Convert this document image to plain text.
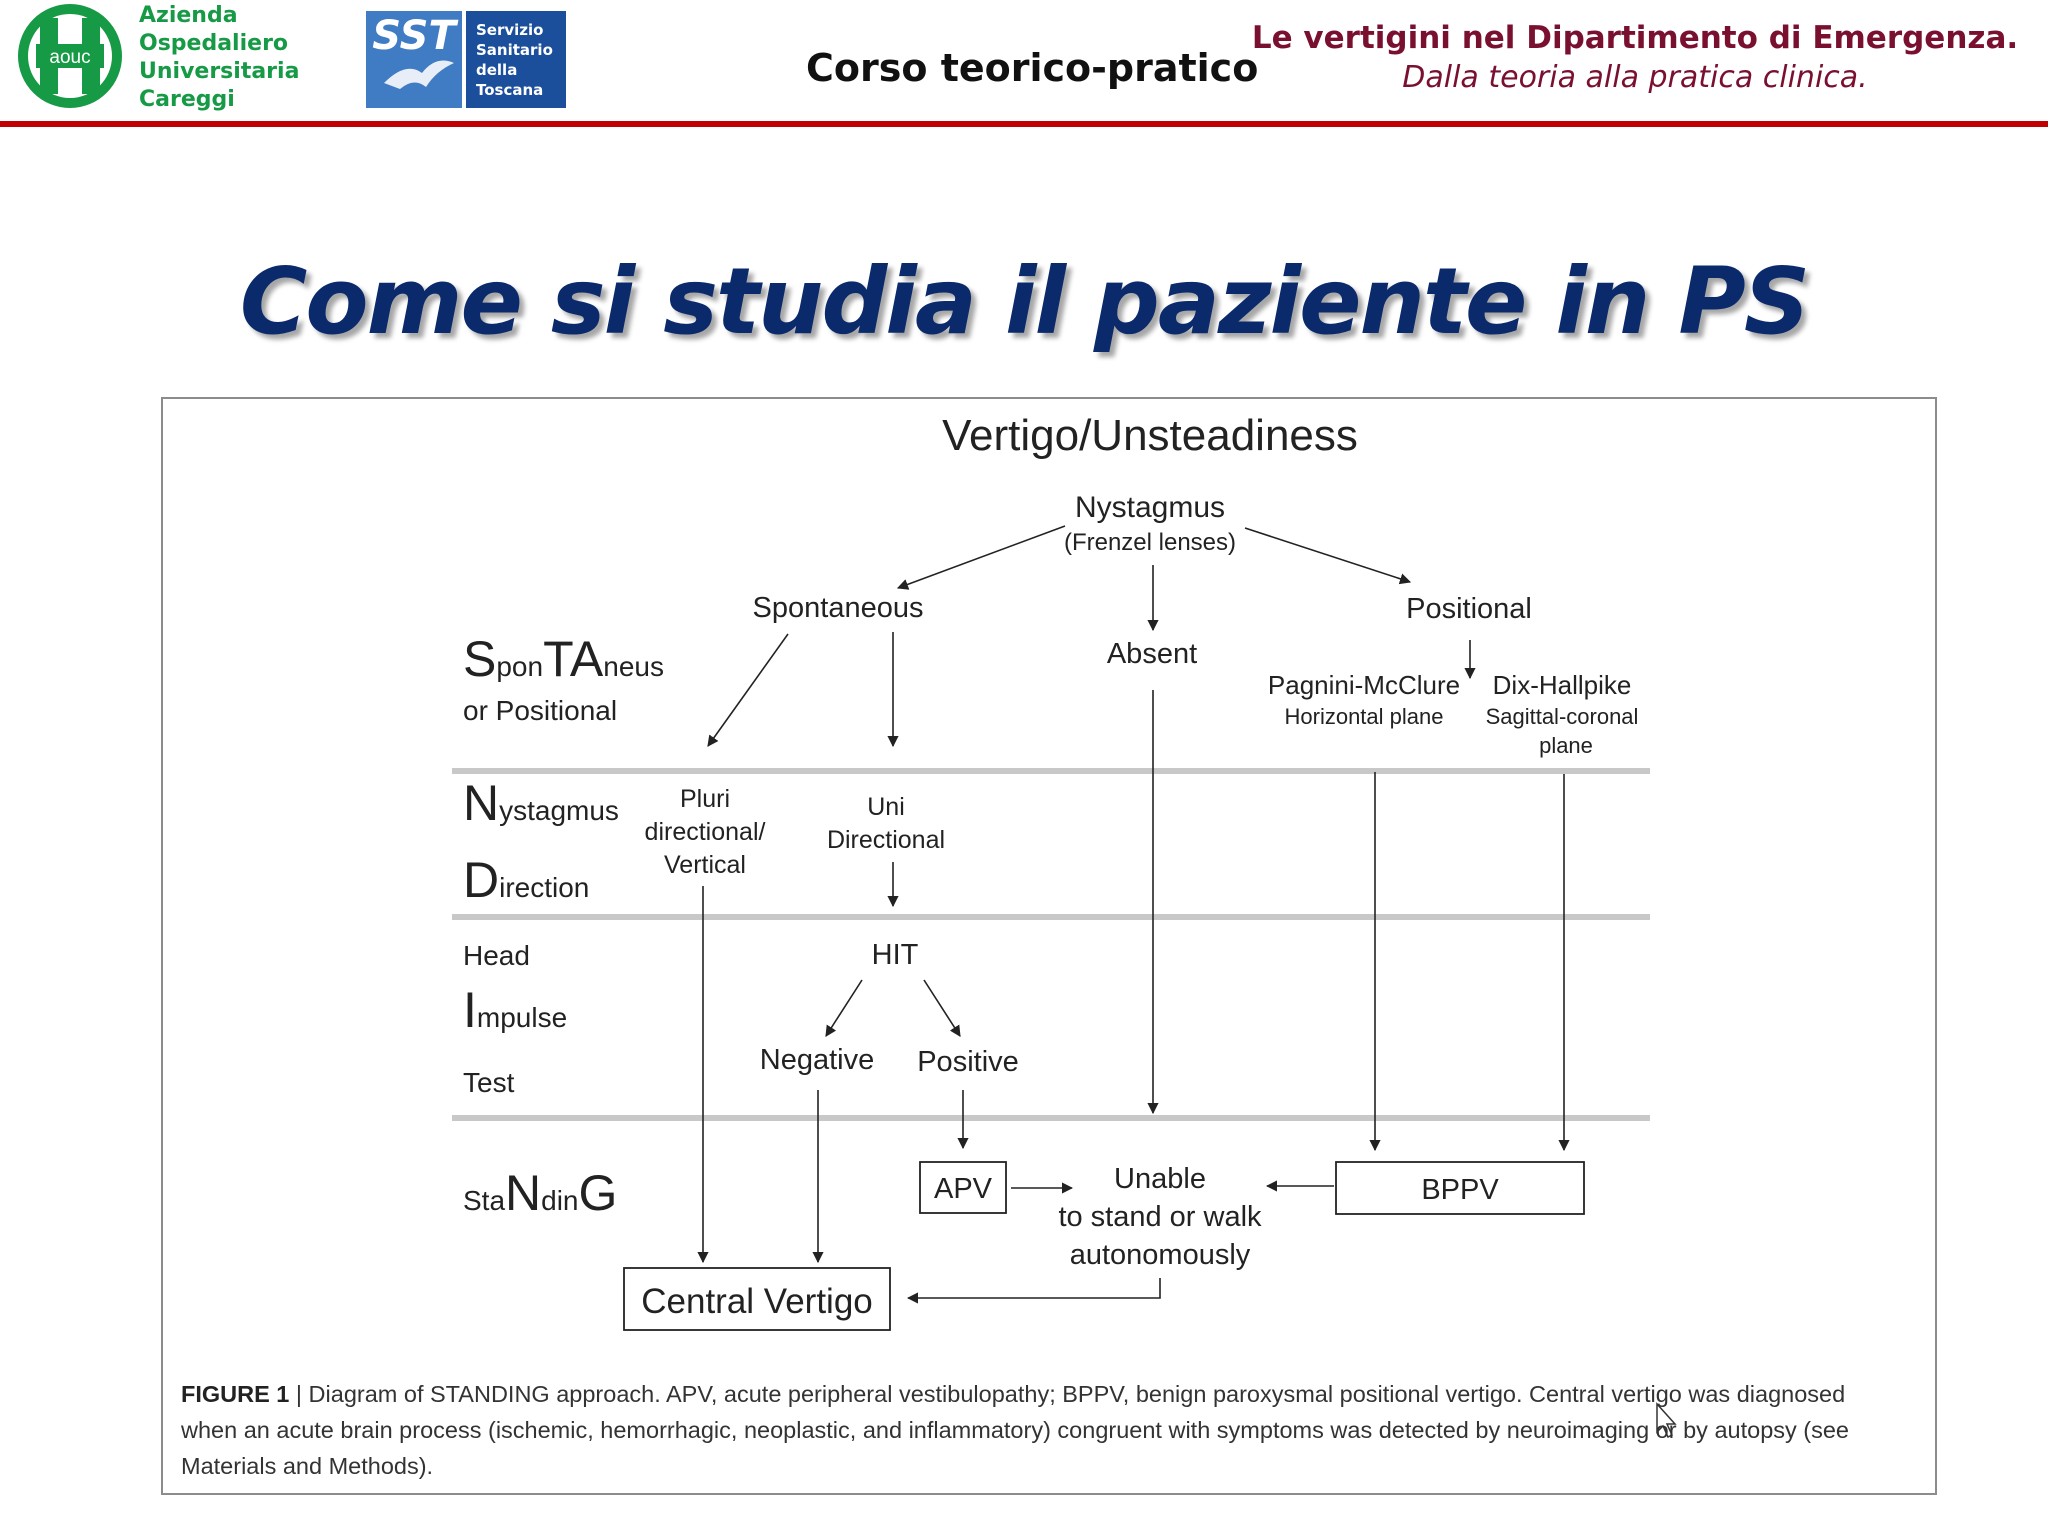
aouc
Azienda
Ospedaliero
Universitaria
Careggi
SST Servizio
Sanitario
della
Toscana	Corso teorico-pratico
Le vertigini nel Dipartimento di Emergenza.
Dalla teoria alla pratica clinica.
Come si studia il paziente in PS
Vertigo/Unsteadiness
Nystagmus
(Frenzel lenses)
Spontaneous
Absent
Positional
Pagnini-McClure
Horizontal plane
Dix-Hallpike
Sagittal-coronal
plane
SponTAneus
or Positional
Nystagmus
Direction
Head
Impulse
Test
StaNdinG
Pluri
directional/
Vertical
Uni
Directional
HIT
Negative Positive
APV	Unable
to stand or walk
autonomously
BPPV
Central Vertigo
FIGURE 1 | Diagram of STANDING approach. APV, acute peripheral vestibulopathy; BPPV, benign paroxysmal positional vertigo. Central vertigo was diagnosed when an acute brain process (ischemic, hemorrhagic, neoplastic, and inflammatory) congruent with symptoms was detected by neuroimaging or by autopsy (see Materials and Methods).
